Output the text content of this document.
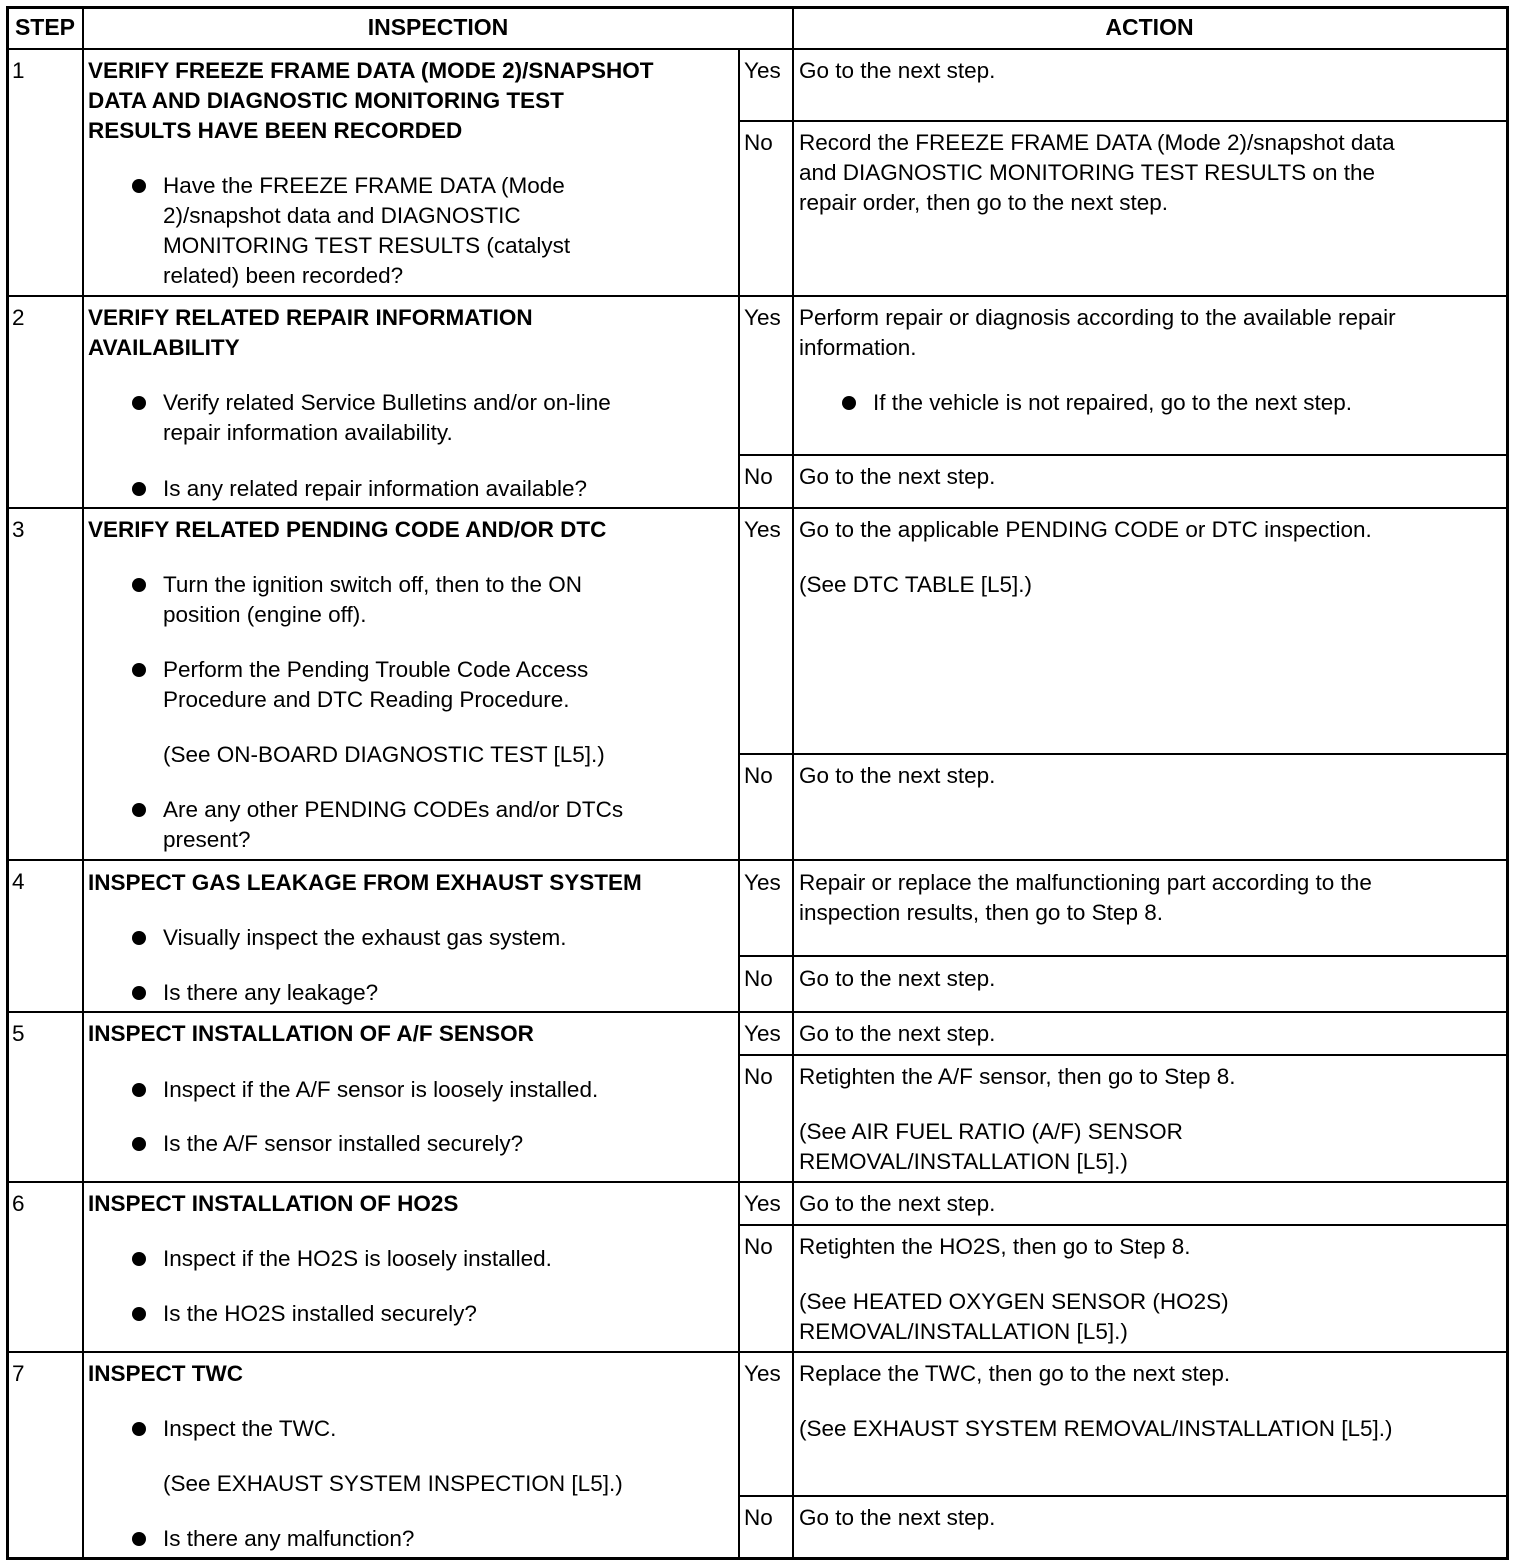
STEP	INSPECTION	ACTION
1	VERIFY FREEZE FRAME DATA (MODE 2)/SNAPSHOT
DATA AND DIAGNOSTIC MONITORING TEST
RESULTS HAVE BEEN RECORDED
Have the FREEZE FRAME DATA (Mode
2)/snapshot data and DIAGNOSTIC
MONITORING TEST RESULTS (catalyst
related) been recorded?
Yes Go to the next step.
No Record the FREEZE FRAME DATA (Mode 2)/snapshot data
and DIAGNOSTIC MONITORING TEST RESULTS on the
repair order, then go to the next step.
2	VERIFY RELATED REPAIR INFORMATION
AVAILABILITY
Verify related Service Bulletins and/or on-line
repair information availability.
Is any related repair information available?
Yes Perform repair or diagnosis according to the available repair
information.
If the vehicle is not repaired, go to the next step.
No Go to the next step.
3	VERIFY RELATED PENDING CODE AND/OR DTC
Turn the ignition switch off, then to the ON
position (engine off).
Perform the Pending Trouble Code Access
Procedure and DTC Reading Procedure.
Are any other PENDING CODEs and/or DTCs
present?
(See ON-BOARD DIAGNOSTIC TEST [L5].)
Yes Go to the applicable PENDING CODE or DTC inspection.
(See DTC TABLE [L5].)
No Go to the next step.
4	INSPECT GAS LEAKAGE FROM EXHAUST SYSTEM
Visually inspect the exhaust gas system.
Is there any leakage?
Yes Repair or replace the malfunctioning part according to the
inspection results, then go to Step 8.
No Go to the next step.
5	INSPECT INSTALLATION OF A/F SENSOR
Inspect if the A/F sensor is loosely installed.
Is the A/F sensor installed securely?
Yes Go to the next step.
No Retighten the A/F sensor, then go to Step 8.
(See AIR FUEL RATIO (A/F) SENSOR
REMOVAL/INSTALLATION [L5].)
6	INSPECT INSTALLATION OF HO2S
Inspect if the HO2S is loosely installed.
Is the HO2S installed securely?
Yes Go to the next step.
No Retighten the HO2S, then go to Step 8.
(See HEATED OXYGEN SENSOR (HO2S)
REMOVAL/INSTALLATION [L5].)
7	INSPECT TWC
Inspect the TWC.
Is there any malfunction?
(See EXHAUST SYSTEM INSPECTION [L5].)
Yes Replace the TWC, then go to the next step.
(See EXHAUST SYSTEM REMOVAL/INSTALLATION [L5].)
No Go to the next step.
